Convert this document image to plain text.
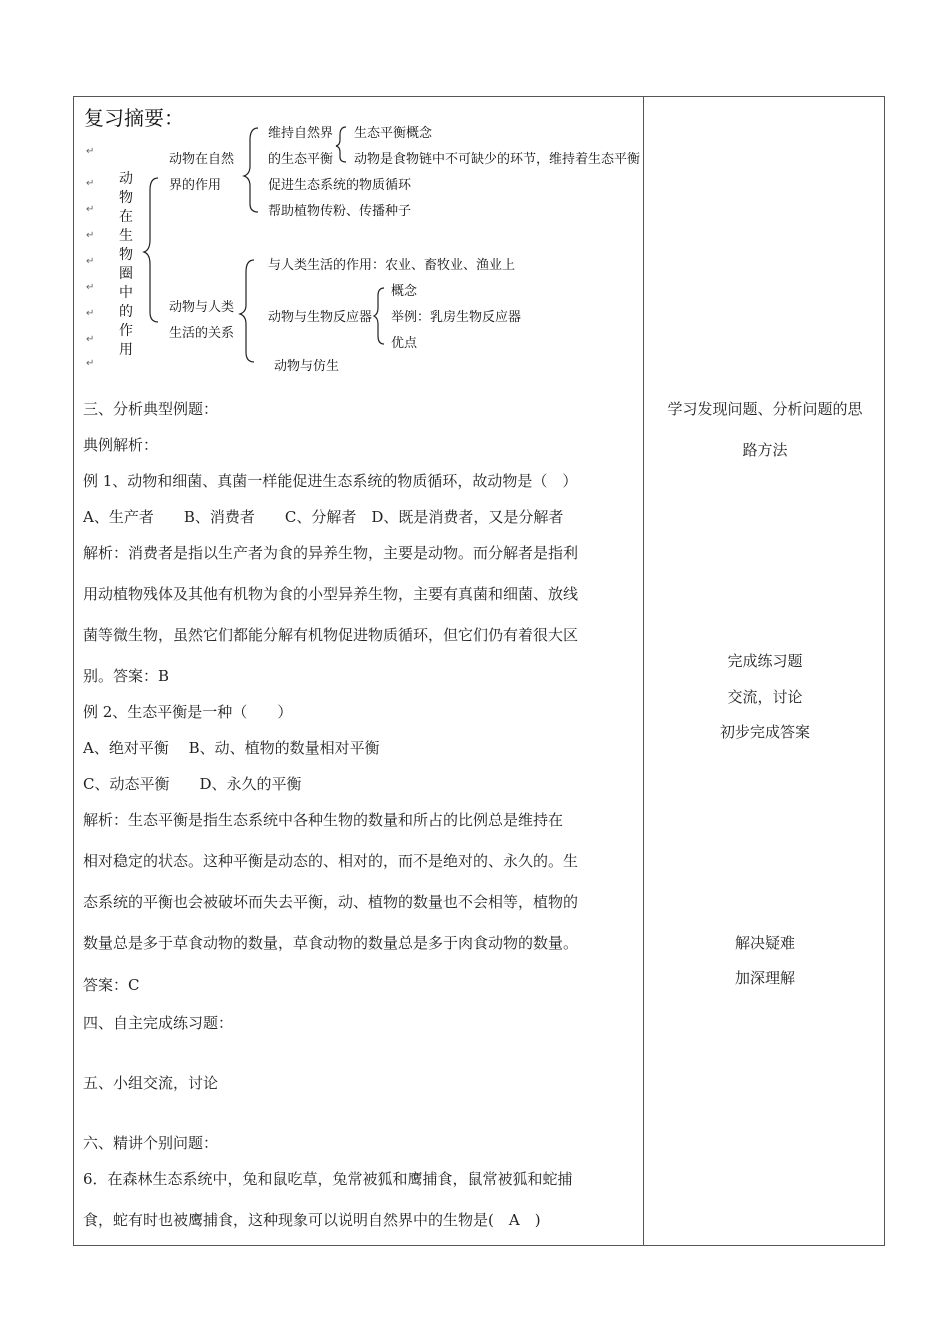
复习摘要：
↵
↵
↵
↵
↵
↵
↵
↵
↵
动
物
在
生
物
圈
中
的
作
用
动物在自然
界的作用
维持自然界
的生态平衡
生态平衡概念
动物是食物链中不可缺少的环节，维持着生态平衡
促进生态系统的物质循环
帮助植物传粉、传播种子
动物与人类
生活的关系
与人类生活的作用：农业、畜牧业、渔业上
动物与生物反应器
概念
举例：乳房生物反应器
优点
动物与仿生
三、分析典型例题：
典例解析：
例 1、动物和细菌、真菌一样能促进生态系统的物质循环，故动物是（　）
A、生产者　　B、消费者　　C、分解者　D、既是消费者，又是分解者
解析：消费者是指以生产者为食的异养生物，主要是动物。而分解者是指利
用动植物残体及其他有机物为食的小型异养生物，主要有真菌和细菌、放线
菌等微生物，虽然它们都能分解有机物促进物质循环，但它们仍有着很大区
别。答案：B
例 2、生态平衡是一种（　　）
A、绝对平衡　 B、动、植物的数量相对平衡
C、动态平衡　　D、永久的平衡
解析：生态平衡是指生态系统中各种生物的数量和所占的比例总是维持在
相对稳定的状态。这种平衡是动态的、相对的，而不是绝对的、永久的。生
态系统的平衡也会被破坏而失去平衡，动、植物的数量也不会相等，植物的
数量总是多于草食动物的数量，草食动物的数量总是多于肉食动物的数量。
答案：C
四、自主完成练习题：
五、小组交流，讨论
六、精讲个别问题：
6．在森林生态系统中，兔和鼠吃草，兔常被狐和鹰捕食，鼠常被狐和蛇捕
食，蛇有时也被鹰捕食，这种现象可以说明自然界中的生物是(　A　)
学习发现问题、分析问题的思
路方法
完成练习题
交流，讨论
初步完成答案
解决疑难
加深理解
